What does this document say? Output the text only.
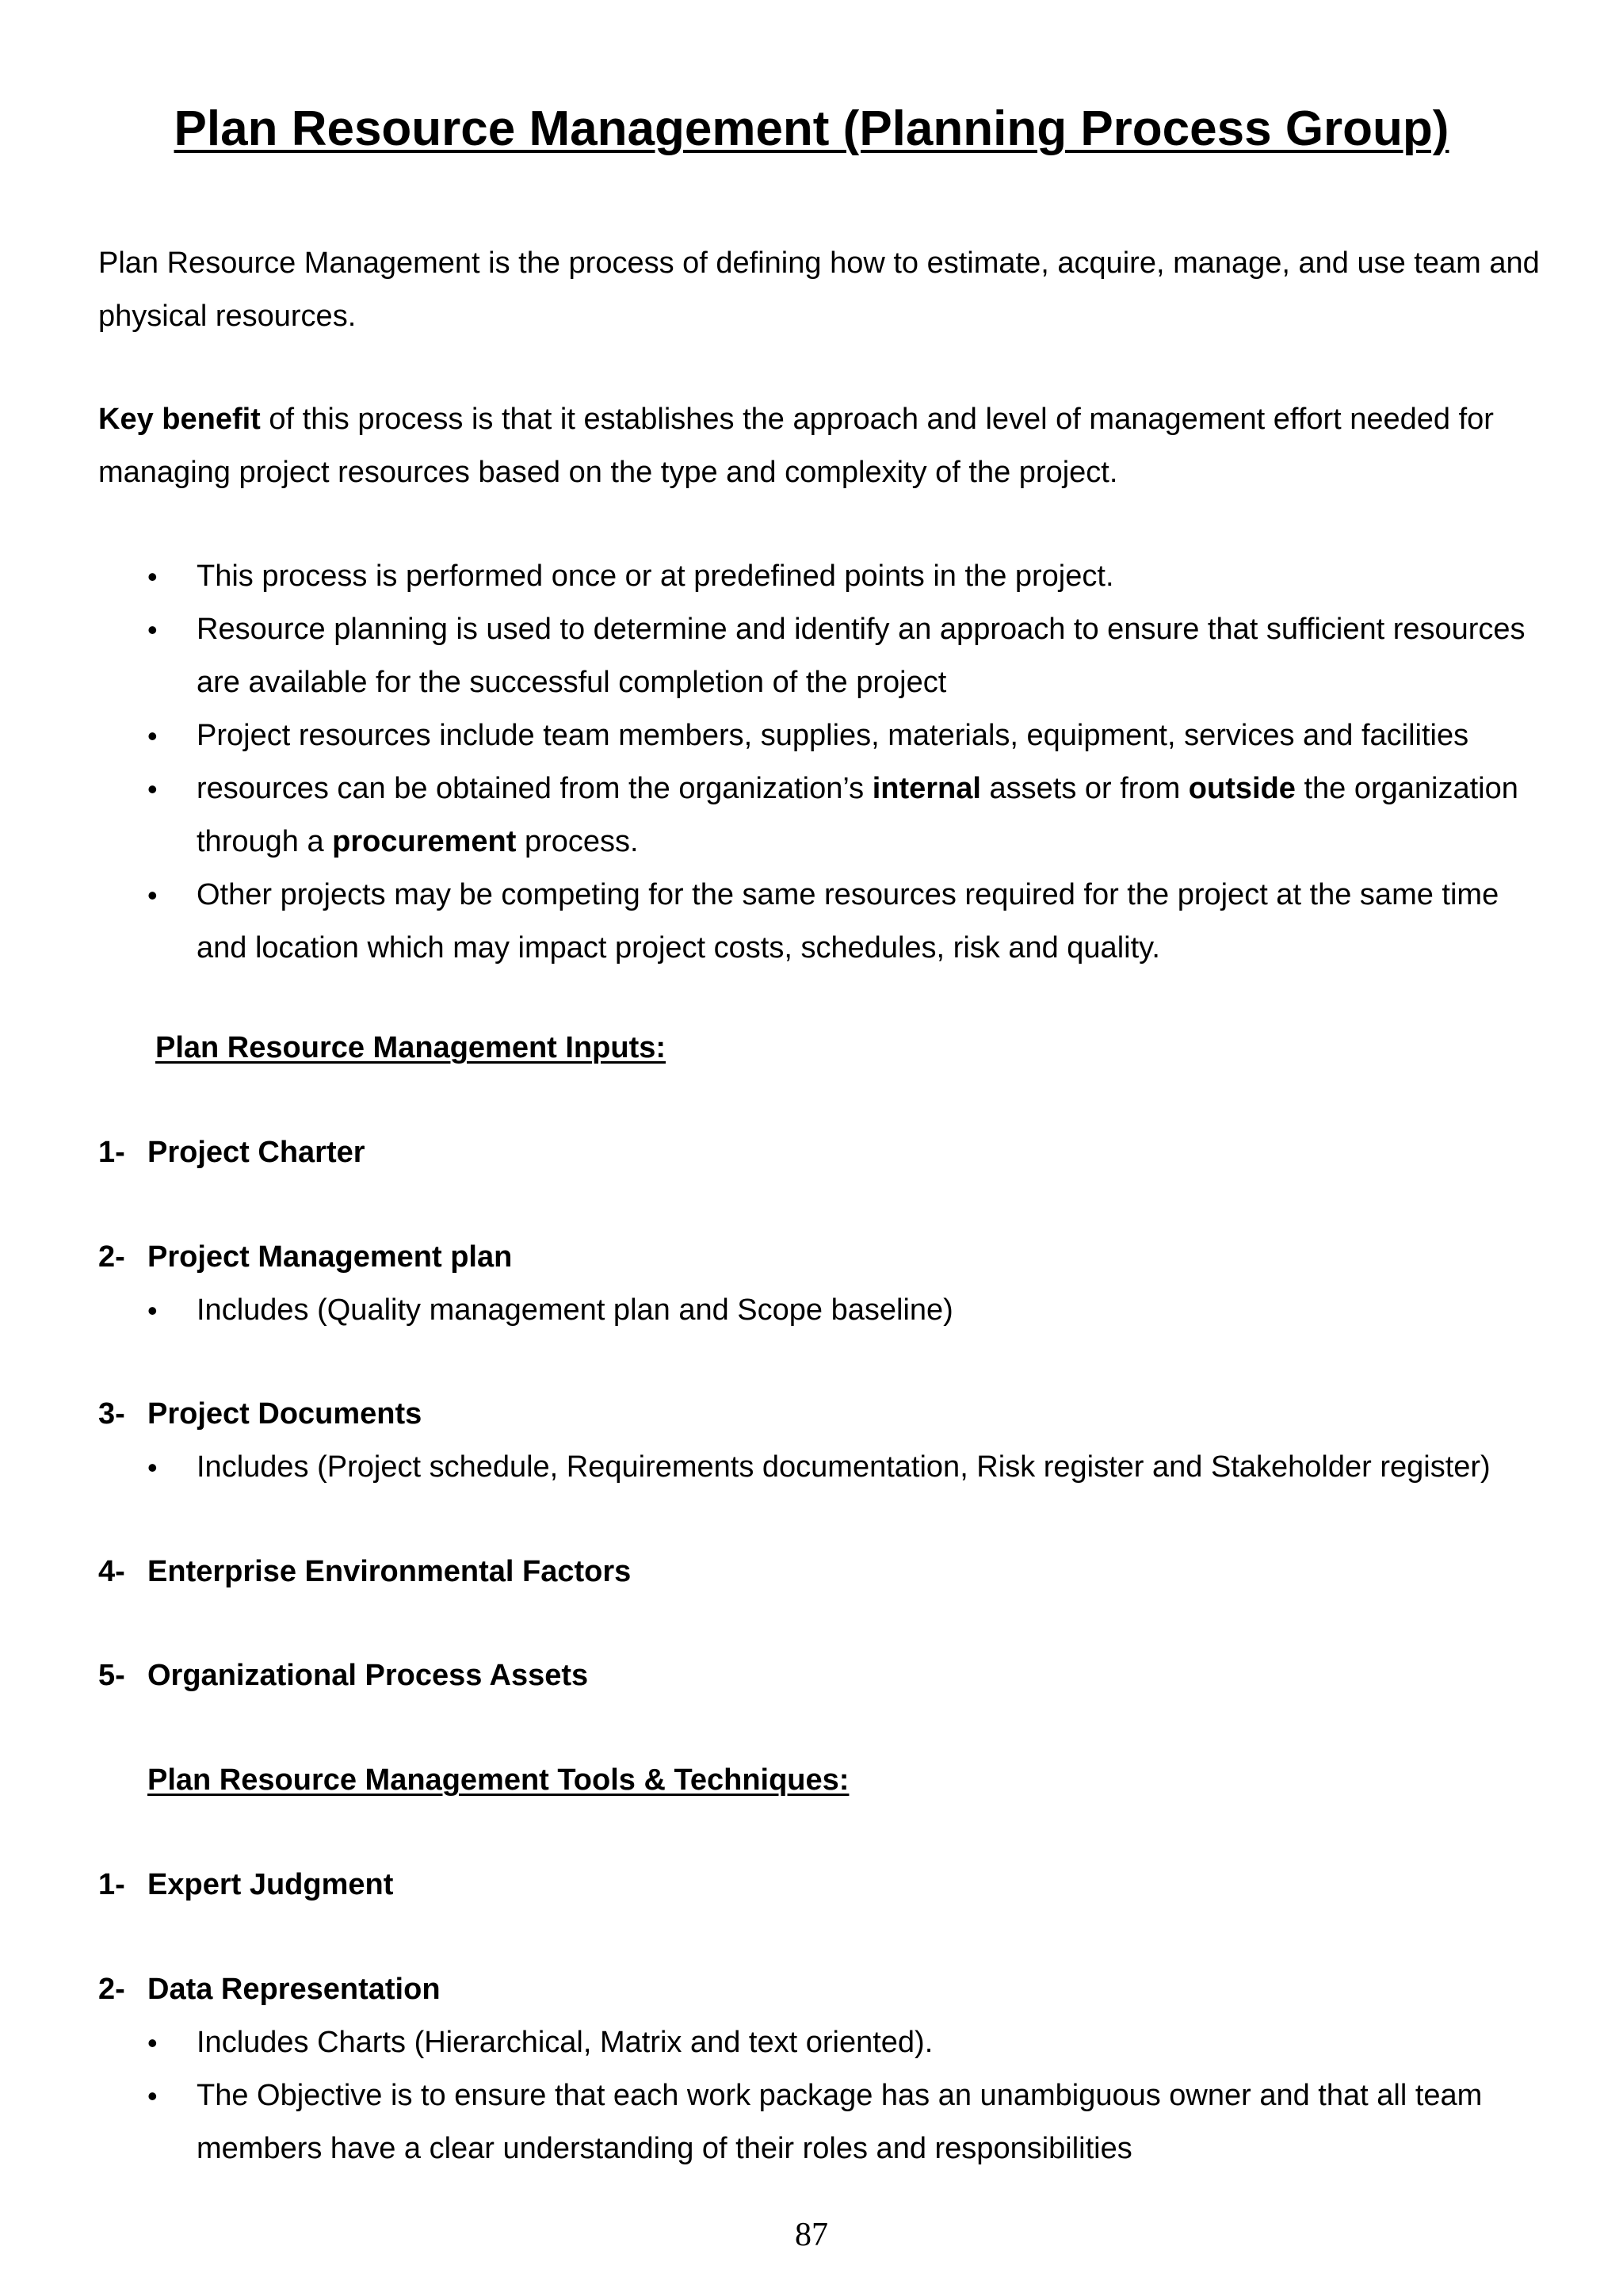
Plan Resource Management (Planning Process Group)

Plan Resource Management is the process of defining how to estimate, acquire, manage, and use team and physical resources.

Key benefit of this process is that it establishes the approach and level of management effort needed for managing project resources based on the type and complexity of the project.

• This process is performed once or at predefined points in the project.
• Resource planning is used to determine and identify an approach to ensure that sufficient resources are available for the successful completion of the project
• Project resources include team members, supplies, materials, equipment, services and facilities
• resources can be obtained from the organization’s internal assets or from outside the organization through a procurement process.
• Other projects may be competing for the same resources required for the project at the same time and location which may impact project costs, schedules, risk and quality.

Plan Resource Management Inputs:

1- Project Charter

2- Project Management plan

• Includes (Quality management plan and Scope baseline)

3- Project Documents

• Includes (Project schedule, Requirements documentation, Risk register and Stakeholder register)

4- Enterprise Environmental Factors

5- Organizational Process Assets

Plan Resource Management Tools & Techniques:

1- Expert Judgment

2- Data Representation

• Includes Charts (Hierarchical, Matrix and text oriented).

• The Objective is to ensure that each work package has an unambiguous owner and that all team members have a clear understanding of their roles and responsibilities

87
